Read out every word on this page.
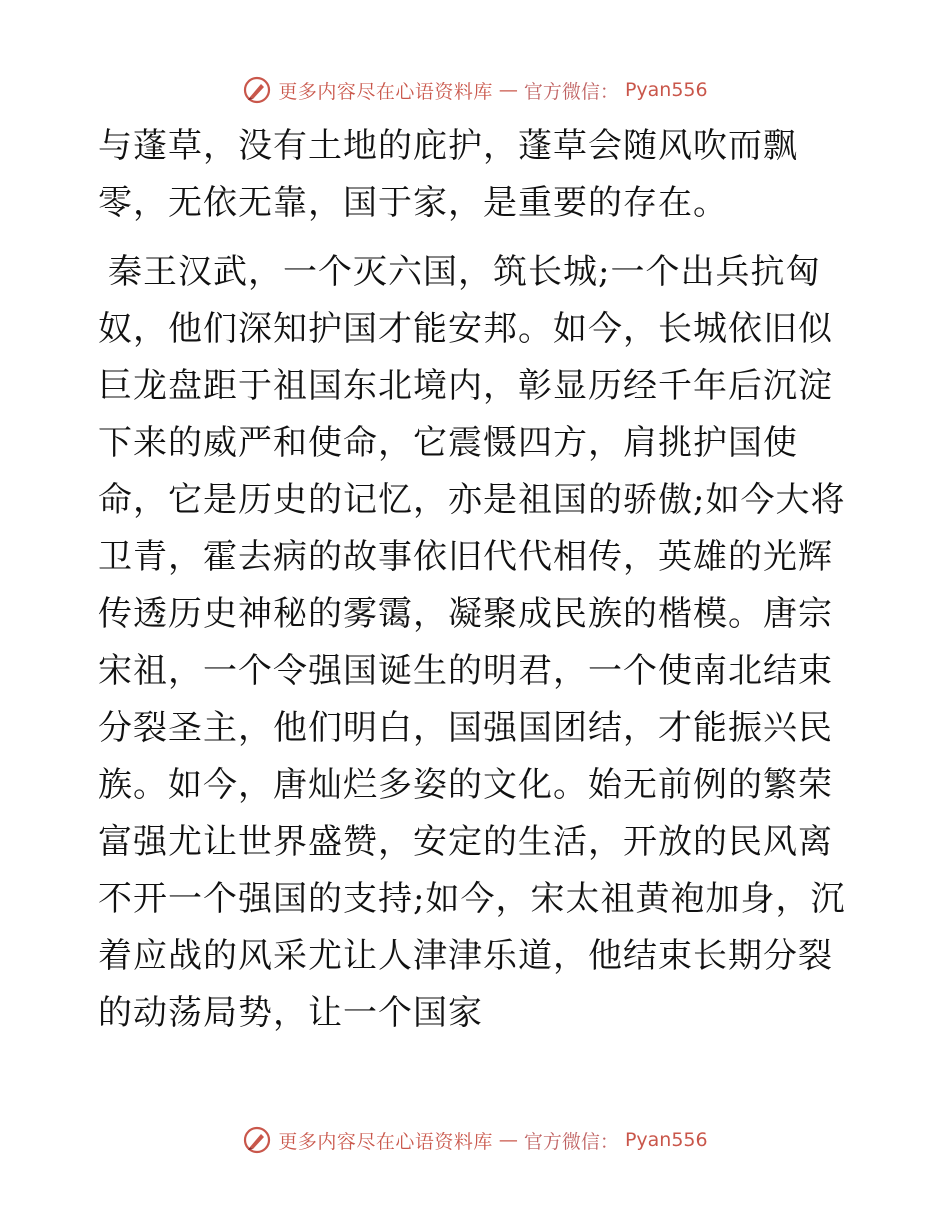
更多内容尽在心语资料库 — 官方微信： Pyan556

与蓬草，没有土地的庇护，蓬草会随风吹而飘零，无依无靠，国于家，是重要的存在。

秦王汉武，一个灭六国，筑长城;一个出兵抗匈奴，他们深知护国才能安邦。如今，长城依旧似巨龙盘距于祖国东北境内，彰显历经千年后沉淀下来的威严和使命，它震慑四方，肩挑护国使命，它是历史的记忆，亦是祖国的骄傲;如今大将卫青，霍去病的故事依旧代代相传，英雄的光辉传透历史神秘的雾霭，凝聚成民族的楷模。唐宗宋祖，一个令强国诞生的明君，一个使南北结束分裂圣主，他们明白，国强国团结，才能振兴民族。如今，唐灿烂多姿的文化。始无前例的繁荣富强尤让世界盛赞，安定的生活，开放的民风离不开一个强国的支持;如今，宋太祖黄袍加身，沉着应战的风采尤让人津津乐道，他结束长期分裂的动荡局势，让一个国家

更多内容尽在心语资料库 — 官方微信： Pyan556
